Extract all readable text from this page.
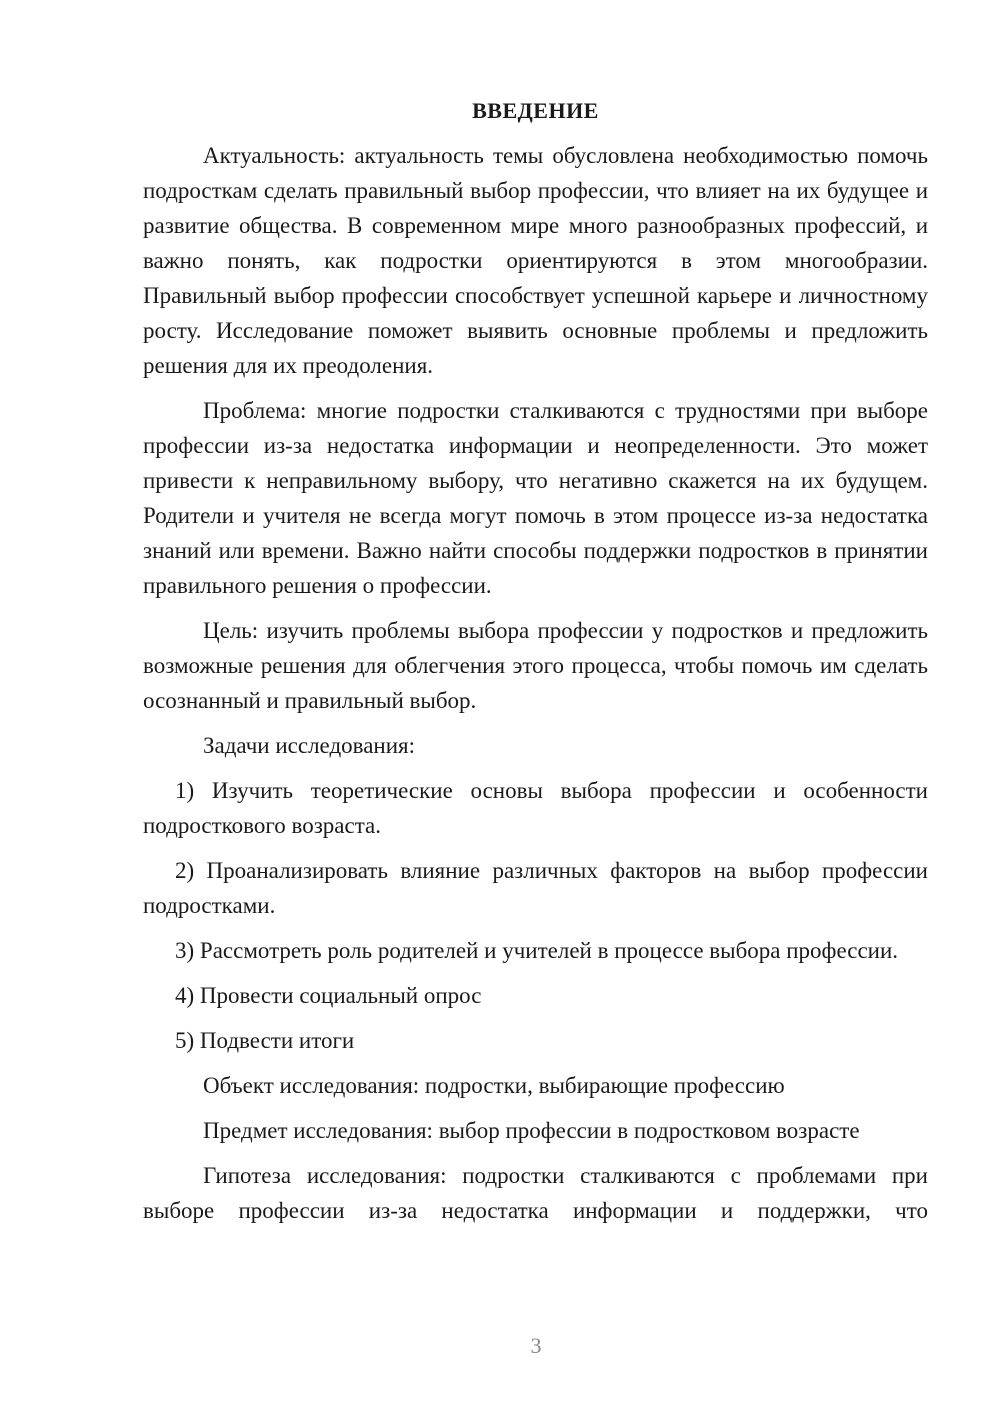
ВВЕДЕНИЕ

Актуальность: актуальность темы обусловлена необходимостью помочь подросткам сделать правильный выбор профессии, что влияет на их будущее и развитие общества. В современном мире много разнообразных профессий, и важно понять, как подростки ориентируются в этом многообразии. Правильный выбор профессии способствует успешной карьере и личностному росту. Исследование поможет выявить основные проблемы и предложить решения для их преодоления.

Проблема: многие подростки сталкиваются с трудностями при выборе профессии из-за недостатка информации и неопределенности. Это может привести к неправильному выбору, что негативно скажется на их будущем. Родители и учителя не всегда могут помочь в этом процессе из-за недостатка знаний или времени. Важно найти способы поддержки подростков в принятии правильного решения о профессии.

Цель: изучить проблемы выбора профессии у подростков и предложить возможные решения для облегчения этого процесса, чтобы помочь им сделать осознанный и правильный выбор.

Задачи исследования:

1) Изучить теоретические основы выбора профессии и особенности подросткового возраста.

2) Проанализировать влияние различных факторов на выбор профессии подростками.

3) Рассмотреть роль родителей и учителей в процессе выбора профессии.

4) Провести социальный опрос

5) Подвести итоги

Объект исследования: подростки, выбирающие профессию

Предмет исследования: выбор профессии в подростковом возрасте

Гипотеза исследования: подростки сталкиваются с проблемами при выборе профессии из-за недостатка информации и поддержки, что

3
